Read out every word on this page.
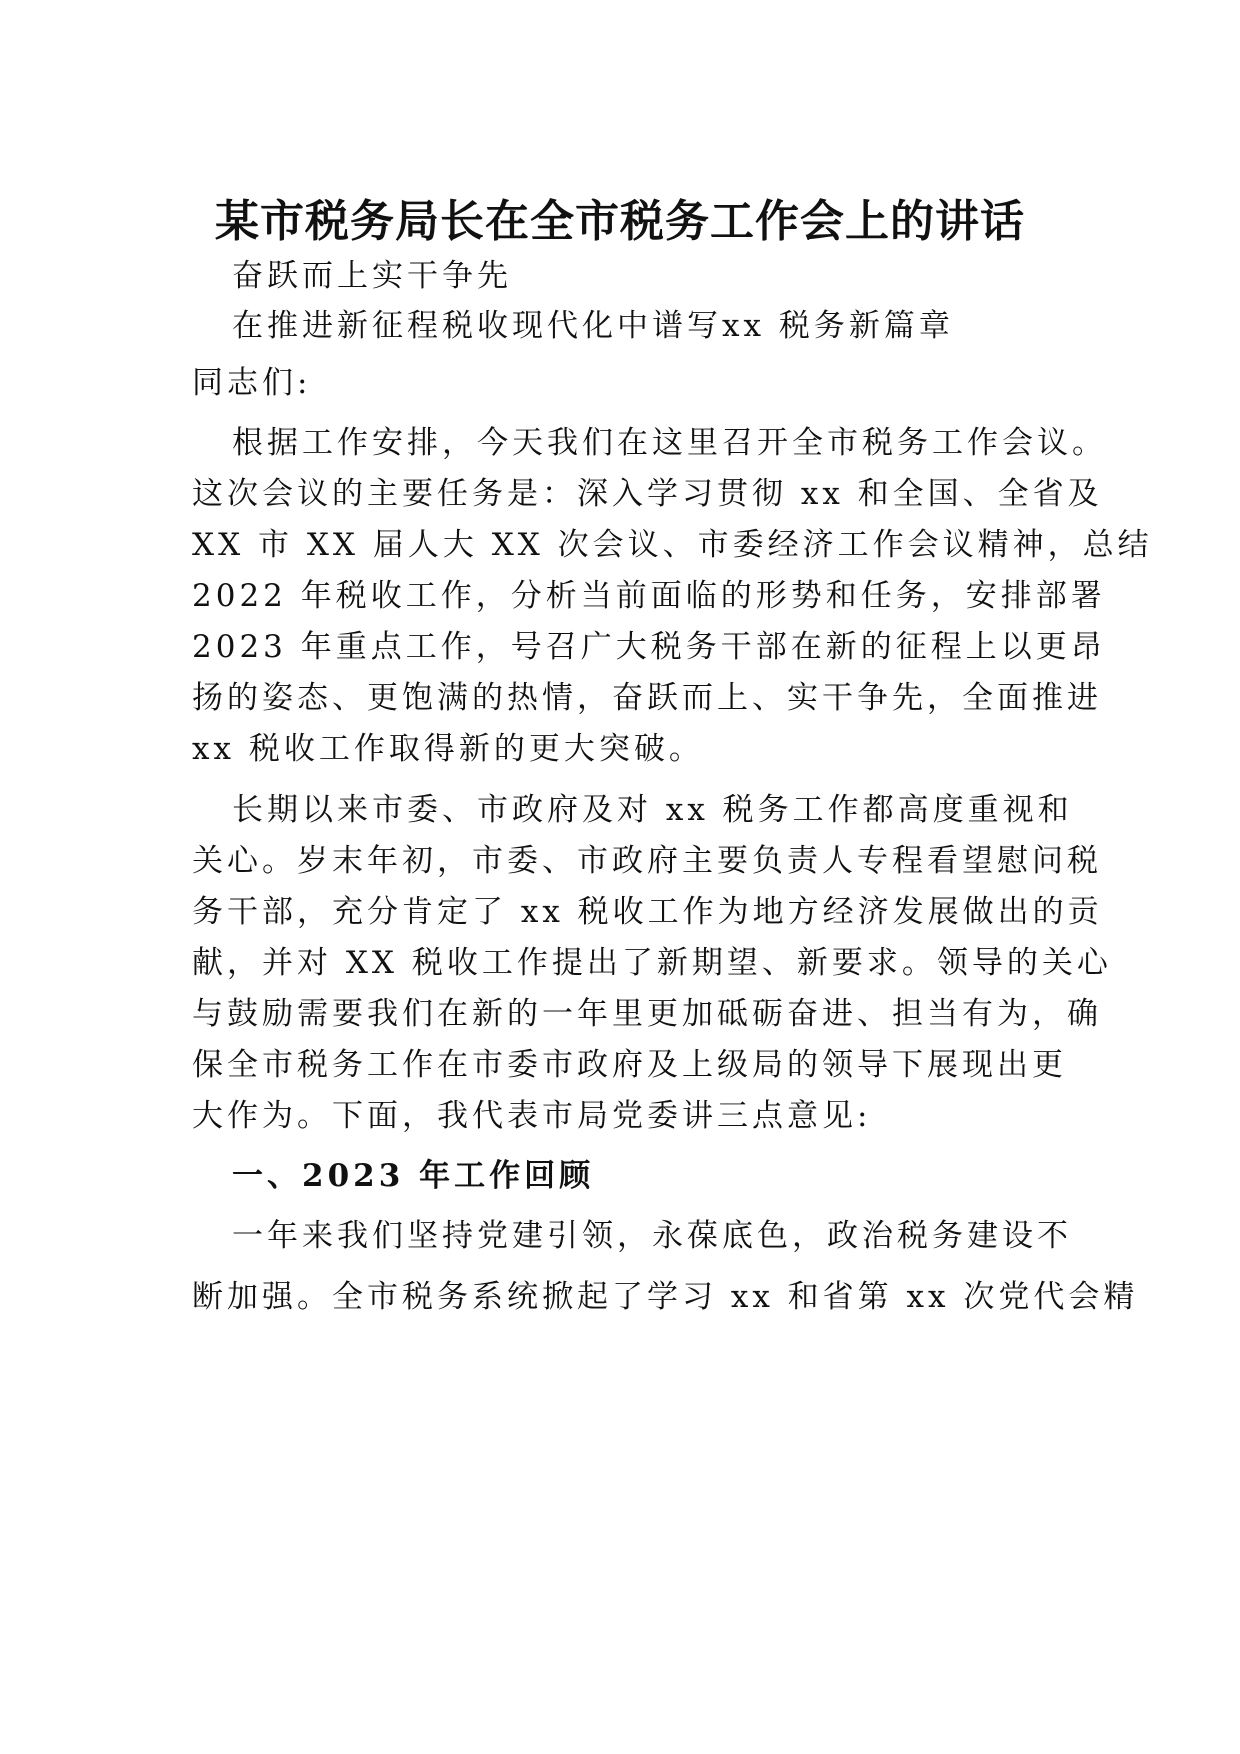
某市税务局长在全市税务工作会上的讲话
奋跃而上实干争先
在推进新征程税收现代化中谱写xx 税务新篇章
同志们:
根据工作安排，今天我们在这里召开全市税务工作会议。
这次会议的主要任务是：深入学习贯彻 xx 和全国、全省及
XX 市 XX 届人大 XX 次会议、市委经济工作会议精神，总结
2022 年税收工作，分析当前面临的形势和任务，安排部署
2023 年重点工作，号召广大税务干部在新的征程上以更昂
扬的姿态、更饱满的热情，奋跃而上、实干争先，全面推进
xx 税收工作取得新的更大突破。
长期以来市委、市政府及对 xx 税务工作都高度重视和
关心。岁末年初，市委、市政府主要负责人专程看望慰问税
务干部，充分肯定了 xx 税收工作为地方经济发展做出的贡
献，并对 XX 税收工作提出了新期望、新要求。领导的关心
与鼓励需要我们在新的一年里更加砥砺奋进、担当有为，确
保全市税务工作在市委市政府及上级局的领导下展现出更
大作为。下面，我代表市局党委讲三点意见:
一、2023 年工作回顾
一年来我们坚持党建引领，永葆底色，政治税务建设不
断加强。全市税务系统掀起了学习 xx 和省第 xx 次党代会精
